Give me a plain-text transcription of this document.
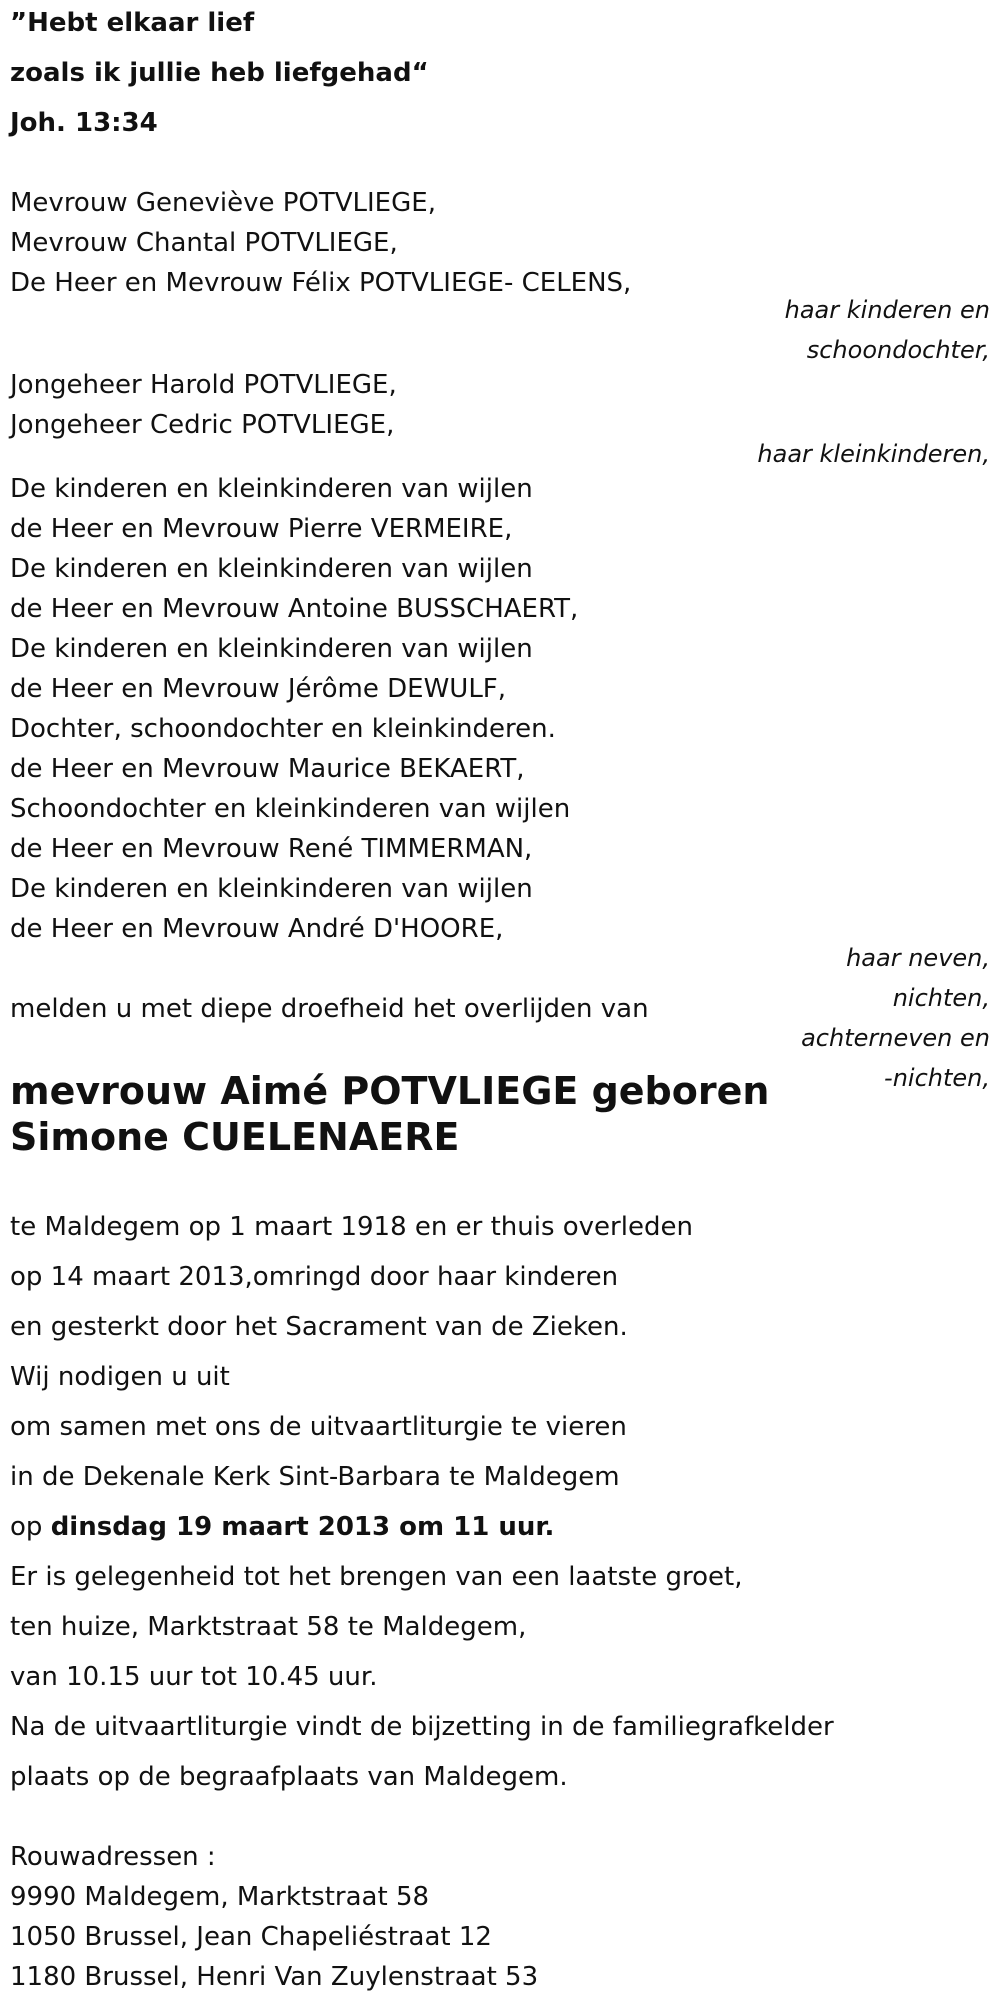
”Hebt elkaar lief
zoals ik jullie heb liefgehad“
Joh. 13:34
Mevrouw Geneviève POTVLIEGE,
Mevrouw Chantal POTVLIEGE,
De Heer en Mevrouw Félix POTVLIEGE- CELENS,
haar kinderen en
schoondochter,
Jongeheer Harold POTVLIEGE,
Jongeheer Cedric POTVLIEGE,
haar kleinkinderen,
De kinderen en kleinkinderen van wijlen
de Heer en Mevrouw Pierre VERMEIRE,
De kinderen en kleinkinderen van wijlen
de Heer en Mevrouw Antoine BUSSCHAERT,
De kinderen en kleinkinderen van wijlen
de Heer en Mevrouw Jérôme DEWULF,
Dochter, schoondochter en kleinkinderen.
de Heer en Mevrouw Maurice BEKAERT,
Schoondochter en kleinkinderen van wijlen
de Heer en Mevrouw René TIMMERMAN,
De kinderen en kleinkinderen van wijlen
de Heer en Mevrouw André D'HOORE,
haar neven,
nichten,
achterneven en
-nichten,
melden u met diepe droefheid het overlijden van
mevrouw Aimé POTVLIEGE geboren
Simone CUELENAERE
te Maldegem op 1 maart 1918 en er thuis overleden
op 14 maart 2013,omringd door haar kinderen
en gesterkt door het Sacrament van de Zieken.
Wij nodigen u uit
om samen met ons de uitvaartliturgie te vieren
in de Dekenale Kerk Sint-Barbara te Maldegem
op dinsdag 19 maart 2013 om 11 uur.
Er is gelegenheid tot het brengen van een laatste groet,
ten huize, Marktstraat 58 te Maldegem,
van 10.15 uur tot 10.45 uur.
Na de uitvaartliturgie vindt de bijzetting in de familiegrafkelder
plaats op de begraafplaats van Maldegem.
Rouwadressen :
9990 Maldegem, Marktstraat 58
1050 Brussel, Jean Chapeliéstraat 12
1180 Brussel, Henri Van Zuylenstraat 53
